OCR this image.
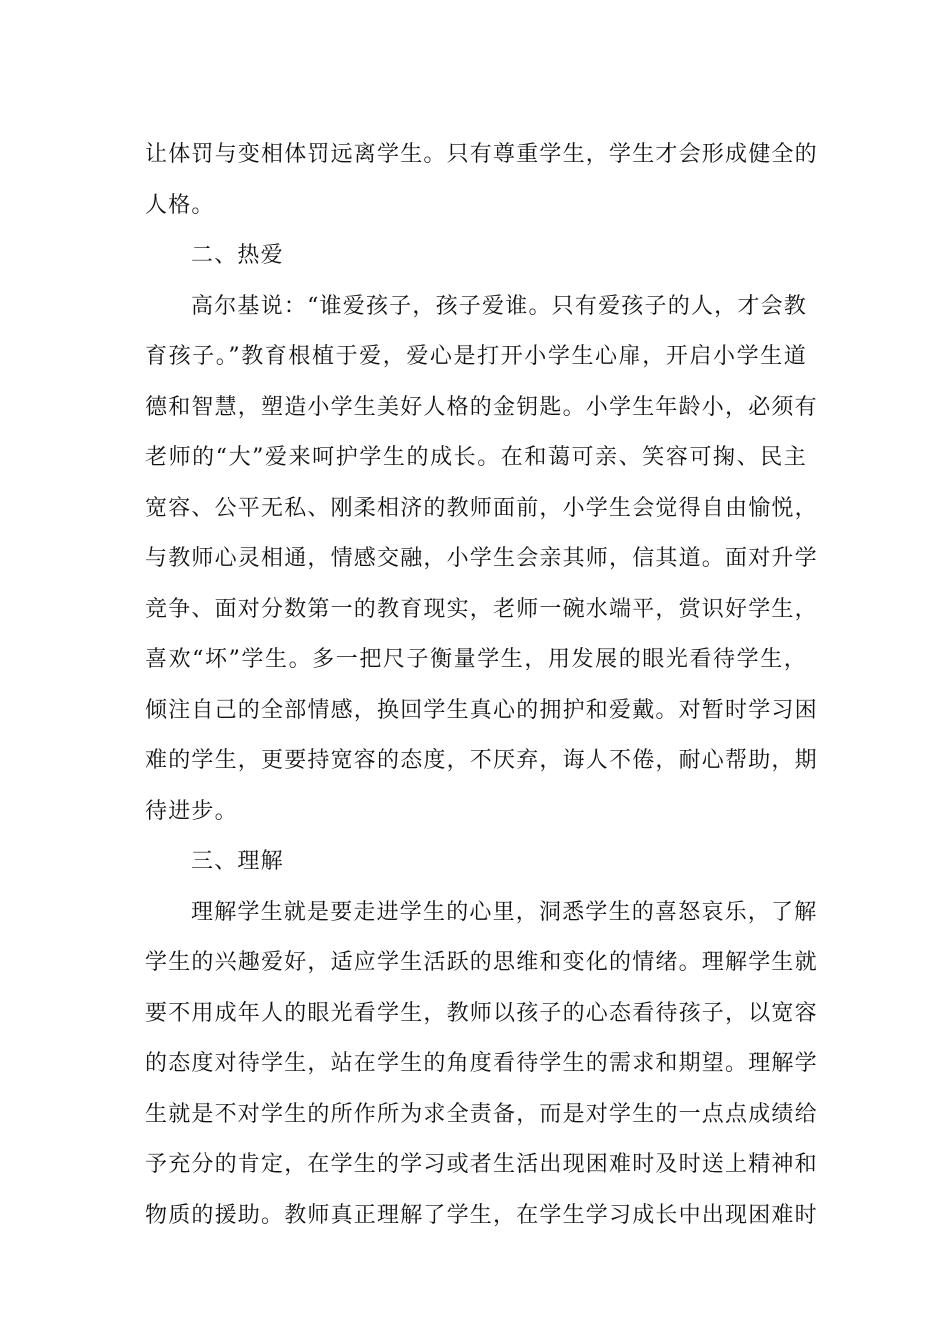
让体罚与变相体罚远离学生。只有尊重学生，学生才会形成健全的
人格。
二、热爱
高尔基说：“谁爱孩子，孩子爱谁。只有爱孩子的人，才会教
育孩子。”教育根植于爱，爱心是打开小学生心扉，开启小学生道
德和智慧，塑造小学生美好人格的金钥匙。小学生年龄小，必须有
老师的“大”爱来呵护学生的成长。在和蔼可亲、笑容可掬、民主
宽容、公平无私、刚柔相济的教师面前，小学生会觉得自由愉悦，
与教师心灵相通，情感交融，小学生会亲其师，信其道。面对升学
竞争、面对分数第一的教育现实，老师一碗水端平，赏识好学生，
喜欢“坏”学生。多一把尺子衡量学生，用发展的眼光看待学生，
倾注自己的全部情感，换回学生真心的拥护和爱戴。对暂时学习困
难的学生，更要持宽容的态度，不厌弃，诲人不倦，耐心帮助，期
待进步。
三、理解
理解学生就是要走进学生的心里，洞悉学生的喜怒哀乐，了解
学生的兴趣爱好，适应学生活跃的思维和变化的情绪。理解学生就
要不用成年人的眼光看学生，教师以孩子的心态看待孩子，以宽容
的态度对待学生，站在学生的角度看待学生的需求和期望。理解学
生就是不对学生的所作所为求全责备，而是对学生的一点点成绩给
予充分的肯定，在学生的学习或者生活出现困难时及时送上精神和
物质的援助。教师真正理解了学生，在学生学习成长中出现困难时
